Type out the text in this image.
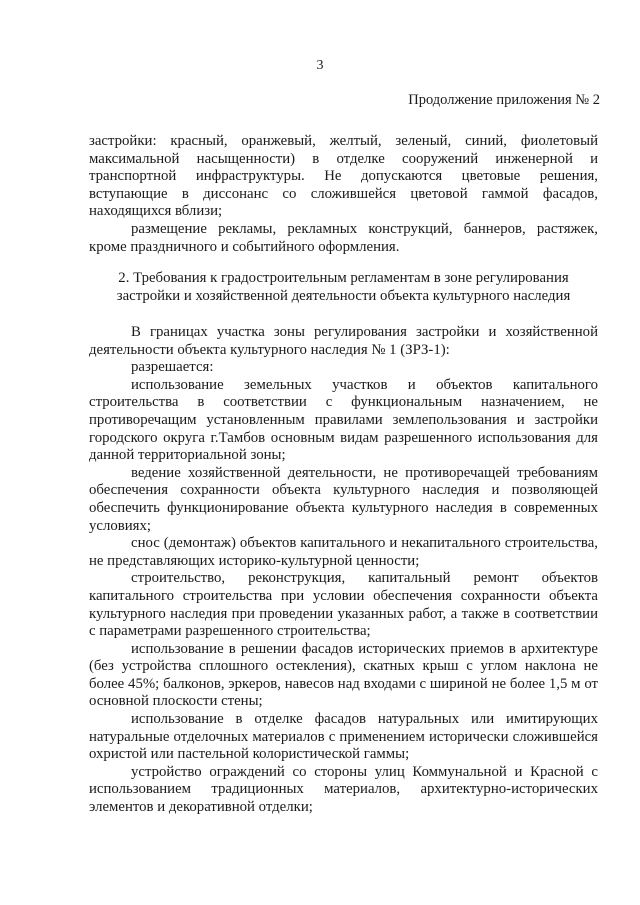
3
Продолжение приложения № 2

застройки: красный, оранжевый, желтый, зеленый, синий, фиолетовый максимальной насыщенности) в отделке сооружений инженерной и транспортной инфраструктуры. Не допускаются цветовые решения, вступающие в диссонанс со сложившейся цветовой гаммой фасадов, находящихся вблизи;

размещение рекламы, рекламных конструкций, баннеров, растяжек, кроме праздничного и событийного оформления.

2. Требования к градостроительным регламентам в зоне регулирования
застройки и хозяйственной деятельности объекта культурного наследия

В границах участка зоны регулирования застройки и хозяйственной деятельности объекта культурного наследия № 1 (ЗРЗ-1):

разрешается:

использование земельных участков и объектов капитального строительства в соответствии с функциональным назначением, не противоречащим установленным правилами землепользования и застройки городского округа г.Тамбов основным видам разрешенного использования для данной территориальной зоны;

ведение хозяйственной деятельности, не противоречащей требованиям обеспечения сохранности объекта культурного наследия и позволяющей обеспечить функционирование объекта культурного наследия в современных условиях;

снос (демонтаж) объектов капитального и некапитального строительства, не представляющих историко-культурной ценности;

строительство, реконструкция, капитальный ремонт объектов капитального строительства при условии обеспечения сохранности объекта культурного наследия при проведении указанных работ, а также в соответствии с параметрами разрешенного строительства;

использование в решении фасадов исторических приемов в архитектуре (без устройства сплошного остекления), скатных крыш с углом наклона не более 45%; балконов, эркеров, навесов над входами с шириной не более 1,5 м от основной плоскости стены;

использование в отделке фасадов натуральных или имитирующих натуральные отделочных материалов с применением исторически сложившейся охристой или пастельной колористической гаммы;

устройство ограждений со стороны улиц Коммунальной и Красной с использованием традиционных материалов, архитектурно-исторических элементов и декоративной отделки;
